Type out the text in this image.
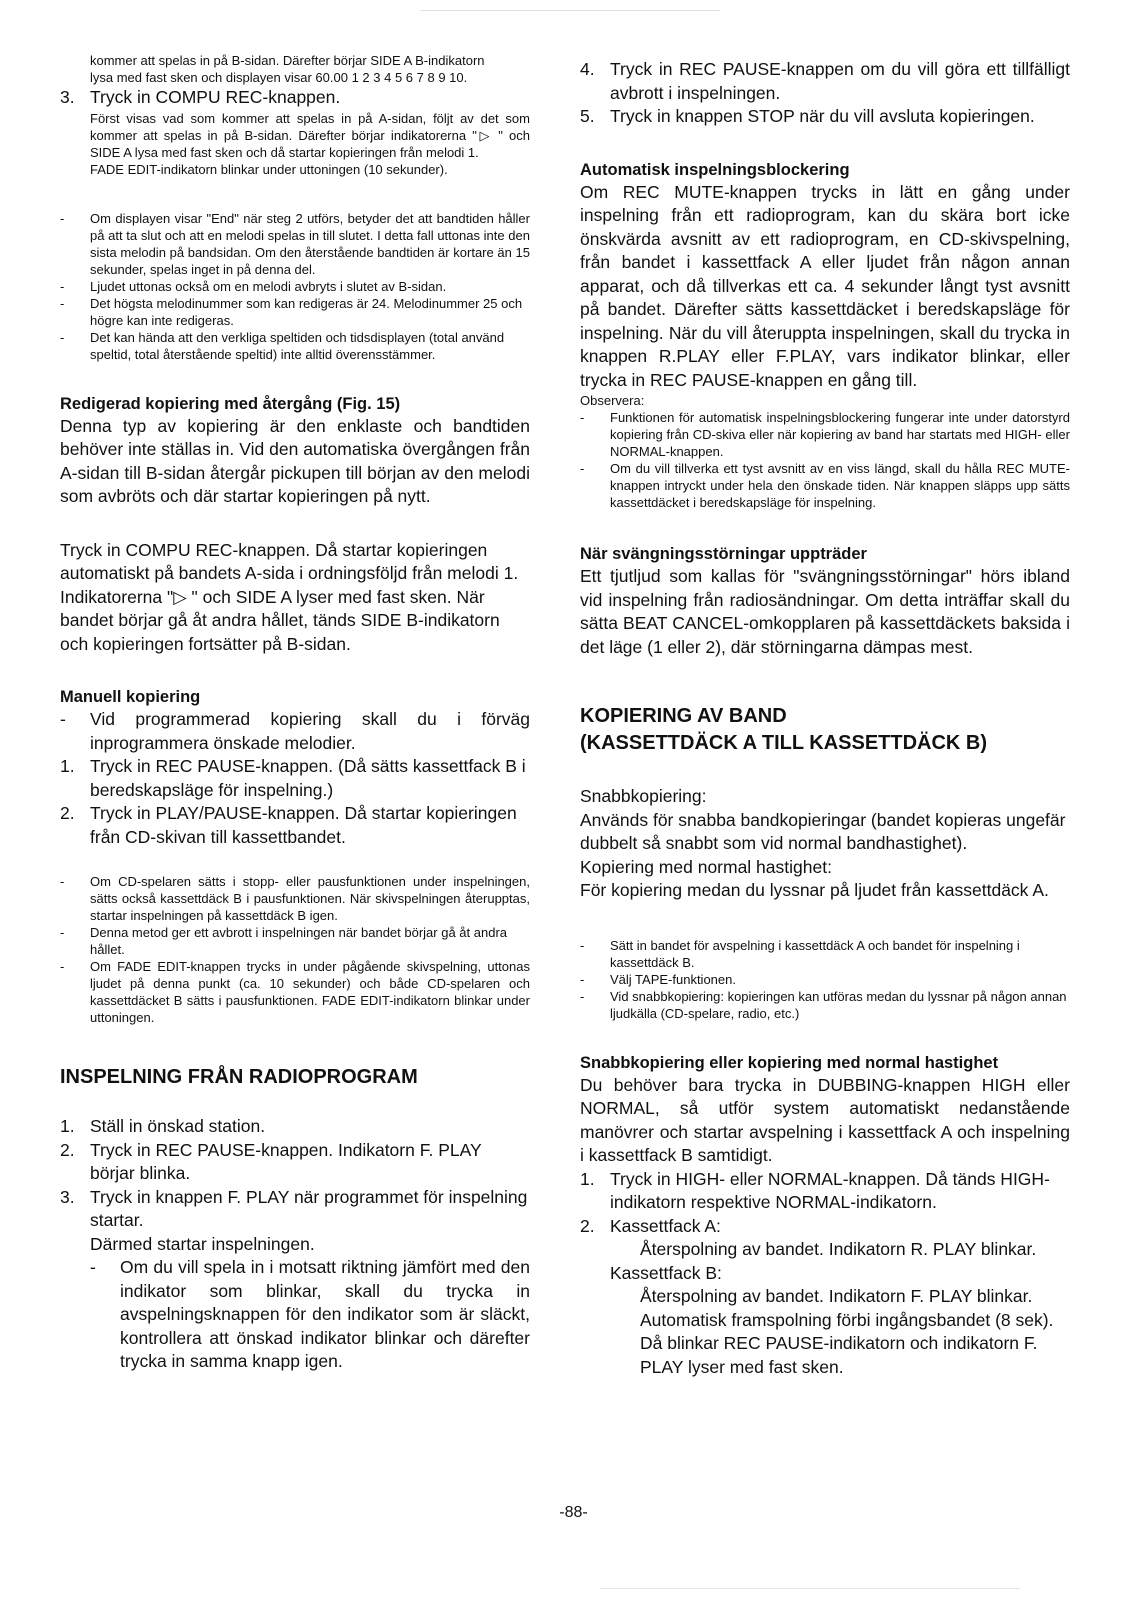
kommer att spelas in på B-sidan. Därefter börjar SIDE A B-indikatorn

lysa med fast sken och displayen visar 60.00 1 2 3 4 5 6 7 8 9 10.

3. Tryck in COMPU REC-knappen.

Först visas vad som kommer att spelas in på A-sidan, följt av det som kommer att spelas in på B-sidan. Därefter börjar indikatorerna "▷ " och SIDE A lysa med fast sken och då startar kopieringen från melodi 1.

FADE EDIT-indikatorn blinkar under uttoningen (10 sekunder).

-	Om displayen visar "End" när steg 2 utförs, betyder det att bandtiden håller på att ta slut och att en melodi spelas in till slutet. I detta fall uttonas inte den sista melodin på bandsidan. Om den återstående bandtiden är kortare än 15 sekunder, spelas inget in på denna del.
-	Ljudet uttonas också om en melodi avbryts i slutet av B-sidan.
-	Det högsta melodinummer som kan redigeras är 24. Melodinummer 25 och högre kan inte redigeras.
-	Det kan hända att den verkliga speltiden och tidsdisplayen (total använd speltid, total återstående speltid) inte alltid överensstämmer.

Redigerad kopiering med återgång (Fig. 15)

Denna typ av kopiering är den enklaste och bandtiden behöver inte ställas in. Vid den automatiska övergången från A-sidan till B-sidan återgår pickupen till början av den melodi som avbröts och där startar kopieringen på nytt.

Tryck in COMPU REC-knappen. Då startar kopieringen automatiskt på bandets A-sida i ordningsföljd från melodi 1. Indikatorerna "▷ " och SIDE A lyser med fast sken. När bandet börjar gå åt andra hållet, tänds SIDE B-indikatorn och kopieringen fortsätter på B-sidan.

Manuell kopiering

-	Vid programmerad kopiering skall du i förväg inprogrammera önskade melodier.
1. Tryck in REC PAUSE-knappen. (Då sätts kassettfack B i beredskapsläge för inspelning.)
2. Tryck in PLAY/PAUSE-knappen. Då startar kopieringen från CD-skivan till kassettbandet.
-	Om CD-spelaren sätts i stopp- eller pausfunktionen under inspelningen, sätts också kassettdäck B i pausfunktionen. När skivspelningen återupptas, startar inspelningen på kassettdäck B igen.
-	Denna metod ger ett avbrott i inspelningen när bandet börjar gå åt andra hållet.
-	Om FADE EDIT-knappen trycks in under pågående skivspelning, uttonas ljudet på denna punkt (ca. 10 sekunder) och både CD-spelaren och kassettdäcket B sätts i pausfunktionen. FADE EDIT-indikatorn blinkar under uttoningen.

INSPELNING FRÅN RADIOPROGRAM

1. Ställ in önskad station.
2. Tryck in REC PAUSE-knappen. Indikatorn F. PLAY börjar blinka.
3. Tryck in knappen F. PLAY när programmet för inspelning startar.

Därmed startar inspelningen.

-	Om du vill spela in i motsatt riktning jämfört med den indikator som blinkar, skall du trycka in avspelningsknappen för den indikator som är släckt, kontrollera att önskad indikator blinkar och därefter trycka in samma knapp igen.
4. Tryck in REC PAUSE-knappen om du vill göra ett tillfälligt avbrott i inspelningen.
5. Tryck in knappen STOP när du vill avsluta kopieringen.

Automatisk inspelningsblockering

Om REC MUTE-knappen trycks in lätt en gång under inspelning från ett radioprogram, kan du skära bort icke önskvärda avsnitt av ett radioprogram, en CD-skivspelning, från bandet i kassettfack A eller ljudet från någon annan apparat, och då tillverkas ett ca. 4 sekunder långt tyst avsnitt på bandet. Därefter sätts kassettdäcket i beredskapsläge för inspelning. När du vill återuppta inspelningen, skall du trycka in knappen R.PLAY eller F.PLAY, vars indikator blinkar, eller trycka in REC PAUSE-knappen en gång till.

Observera:

-	Funktionen för automatisk inspelningsblockering fungerar inte under datorstyrd kopiering från CD-skiva eller när kopiering av band har startats med HIGH- eller NORMAL-knappen.
-	Om du vill tillverka ett tyst avsnitt av en viss längd, skall du hålla REC MUTE-knappen intryckt under hela den önskade tiden. När knappen släpps upp sätts kassettdäcket i beredskapsläge för inspelning.

När svängningsstörningar uppträder

Ett tjutljud som kallas för "svängningsstörningar" hörs ibland vid inspelning från radiosändningar. Om detta inträffar skall du sätta BEAT CANCEL-omkopplaren på kassettdäckets baksida i det läge (1 eller 2), där störningarna dämpas mest.

KOPIERING AV BAND

(KASSETTDÄCK A TILL KASSETTDÄCK B)

Snabbkopiering:

Används för snabba bandkopieringar (bandet kopieras ungefär dubbelt så snabbt som vid normal bandhastighet).

Kopiering med normal hastighet:

För kopiering medan du lyssnar på ljudet från kassettdäck A.

-	Sätt in bandet för avspelning i kassettdäck A och bandet för inspelning i kassettdäck B.
-	Välj TAPE-funktionen.
-	Vid snabbkopiering: kopieringen kan utföras medan du lyssnar på någon annan ljudkälla (CD-spelare, radio, etc.)

Snabbkopiering eller kopiering med normal hastighet

Du behöver bara trycka in DUBBING-knappen HIGH eller NORMAL, så utför system automatiskt nedanstående manövrer och startar avspelning i kassettfack A och inspelning i kassettfack B samtidigt.

1. Tryck in HIGH- eller NORMAL-knappen. Då tänds HIGH-indikatorn respektive NORMAL-indikatorn.
2. Kassettfack A:

Återspolning av bandet. Indikatorn R. PLAY blinkar.

Kassettfack B:

Återspolning av bandet. Indikatorn F. PLAY blinkar. Automatisk framspolning förbi ingångsbandet (8 sek). Då blinkar REC PAUSE-indikatorn och indikatorn F. PLAY lyser med fast sken.

-88-
